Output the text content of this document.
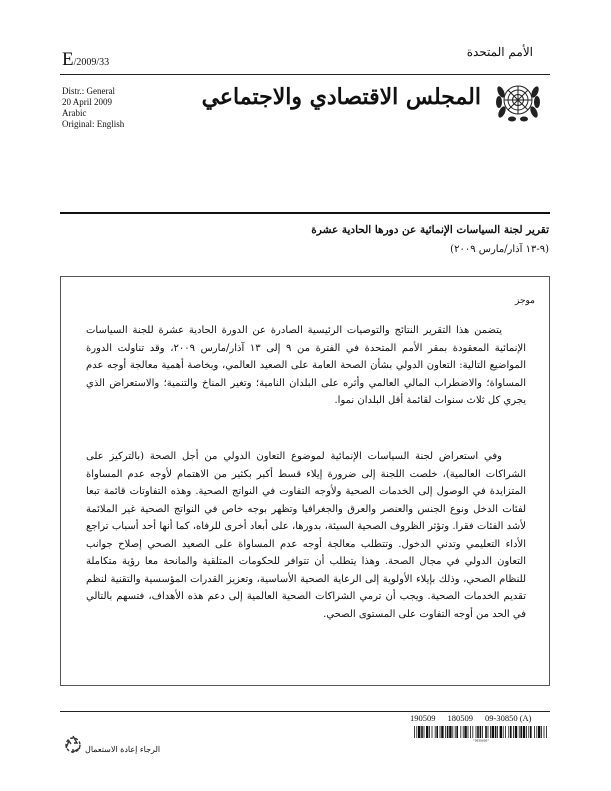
E/2009/33
Distr.: General
20 April 2009
Arabic
Original: English
الأمم المتحدة
المجلس الاقتصادي والاجتماعي
تقرير لجنة السياسات الإنمائية عن دورها الحادية عشرة
(٩-١٣ آذار/مارس ٢٠٠٩)
موجز
يتضمن هذا التقرير النتائج والتوصيات الرئيسية الصادرة عن الدورة الحادية عشرة للجنة السياسات الإنمائية المعقودة بمقر الأمم المتحدة في الفترة من ٩ إلى ١٣ آذار/مارس ٢٠٠٩، وقد تناولت الدورة المواضيع التالية: التعاون الدولي بشأن الصحة العامة على الصعيد العالمي، وبخاصة أهمية معالجة أوجه عدم المساواة؛ والاضطراب المالي العالمي وأثره على البلدان النامية؛ وتغير المناخ والتنمية؛ والاستعراض الذي يجري كل ثلاث سنوات لقائمة أقل البلدان نموا.
وفي استعراض لجنة السياسات الإنمائية لموضوع التعاون الدولي من أجل الصحة (بالتركيز على الشراكات العالمية)، خلصت اللجنة إلى ضرورة إيلاء قسط أكبر بكثير من الاهتمام لأوجه عدم المساواة المتزايدة في الوصول إلى الخدمات الصحية ولأوجه التفاوت في النواتج الصحية. وهذه التفاوتات قائمة تبعا لفئات الدخل ونوع الجنس والعنصر والعرق والجغرافيا وتظهر بوجه خاص في النواتج الصحية غير الملائمة لأشد الفئات فقرا. وتؤثر الظروف الصحية السيئة، بدورها، على أبعاد أخرى للرفاه، كما أنها أحد أسباب تراجع الأداء التعليمي وتدني الدخول. وتتطلب معالجة أوجه عدم المساواة على الصعيد الصحي إصلاح جوانب التعاون الدولي في مجال الصحة. وهذا يتطلب أن تتوافر للحكومات المتلقية والمانحة معا رؤية متكاملة للنظام الصحي، وذلك بإيلاء الأولوية إلى الرعاية الصحية الأساسية، وتعزيز القدرات المؤسسية والتقنية لنظم تقديم الخدمات الصحية. ويجب أن ترمي الشراكات الصحية العالمية إلى دعم هذه الأهداف، فتسهم بالتالي في الحد من أوجه التفاوت على المستوى الصحي.
190509 180509 09-30850 (A)
*0930850*
الرجاء إعادة الاستعمال
